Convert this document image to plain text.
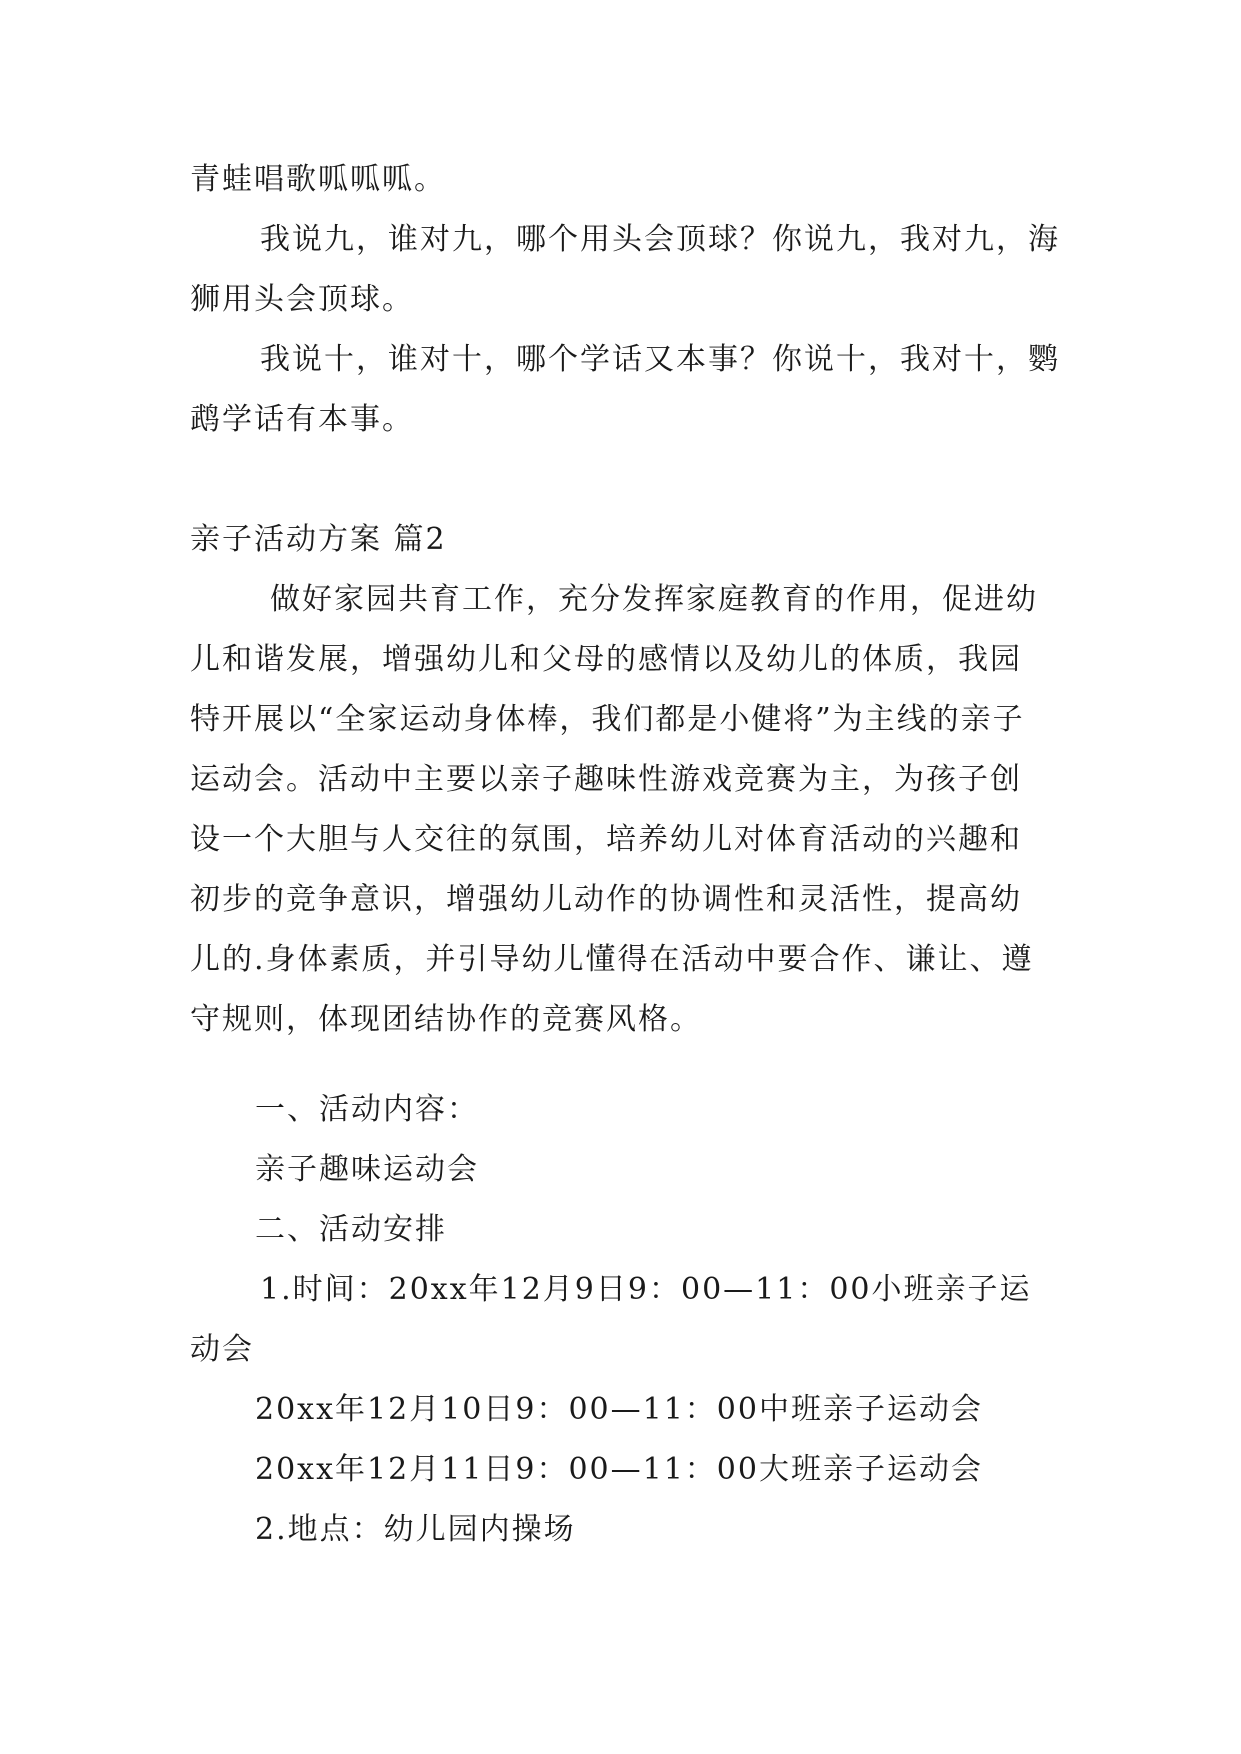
青蛙唱歌呱呱呱。

我说九，谁对九，哪个用头会顶球？你说九，我对九，海狮用头会顶球。

我说十，谁对十，哪个学话又本事？你说十，我对十，鹦鹉学话有本事。

亲子活动方案 篇2

做好家园共育工作，充分发挥家庭教育的作用，促进幼儿和谐发展，增强幼儿和父母的感情以及幼儿的体质，我园特开展以“全家运动身体棒，我们都是小健将”为主线的亲子运动会。活动中主要以亲子趣味性游戏竞赛为主，为孩子创设一个大胆与人交往的氛围，培养幼儿对体育活动的兴趣和初步的竞争意识，增强幼儿动作的协调性和灵活性，提高幼儿的.身体素质，并引导幼儿懂得在活动中要合作、谦让、遵守规则，体现团结协作的竞赛风格。

一、活动内容：

亲子趣味运动会

二、活动安排

1.时间：20xx年12月9日9：00—11：00小班亲子运动会

20xx年12月10日9：00—11：00中班亲子运动会

20xx年12月11日9：00—11：00大班亲子运动会

2.地点：幼儿园内操场
